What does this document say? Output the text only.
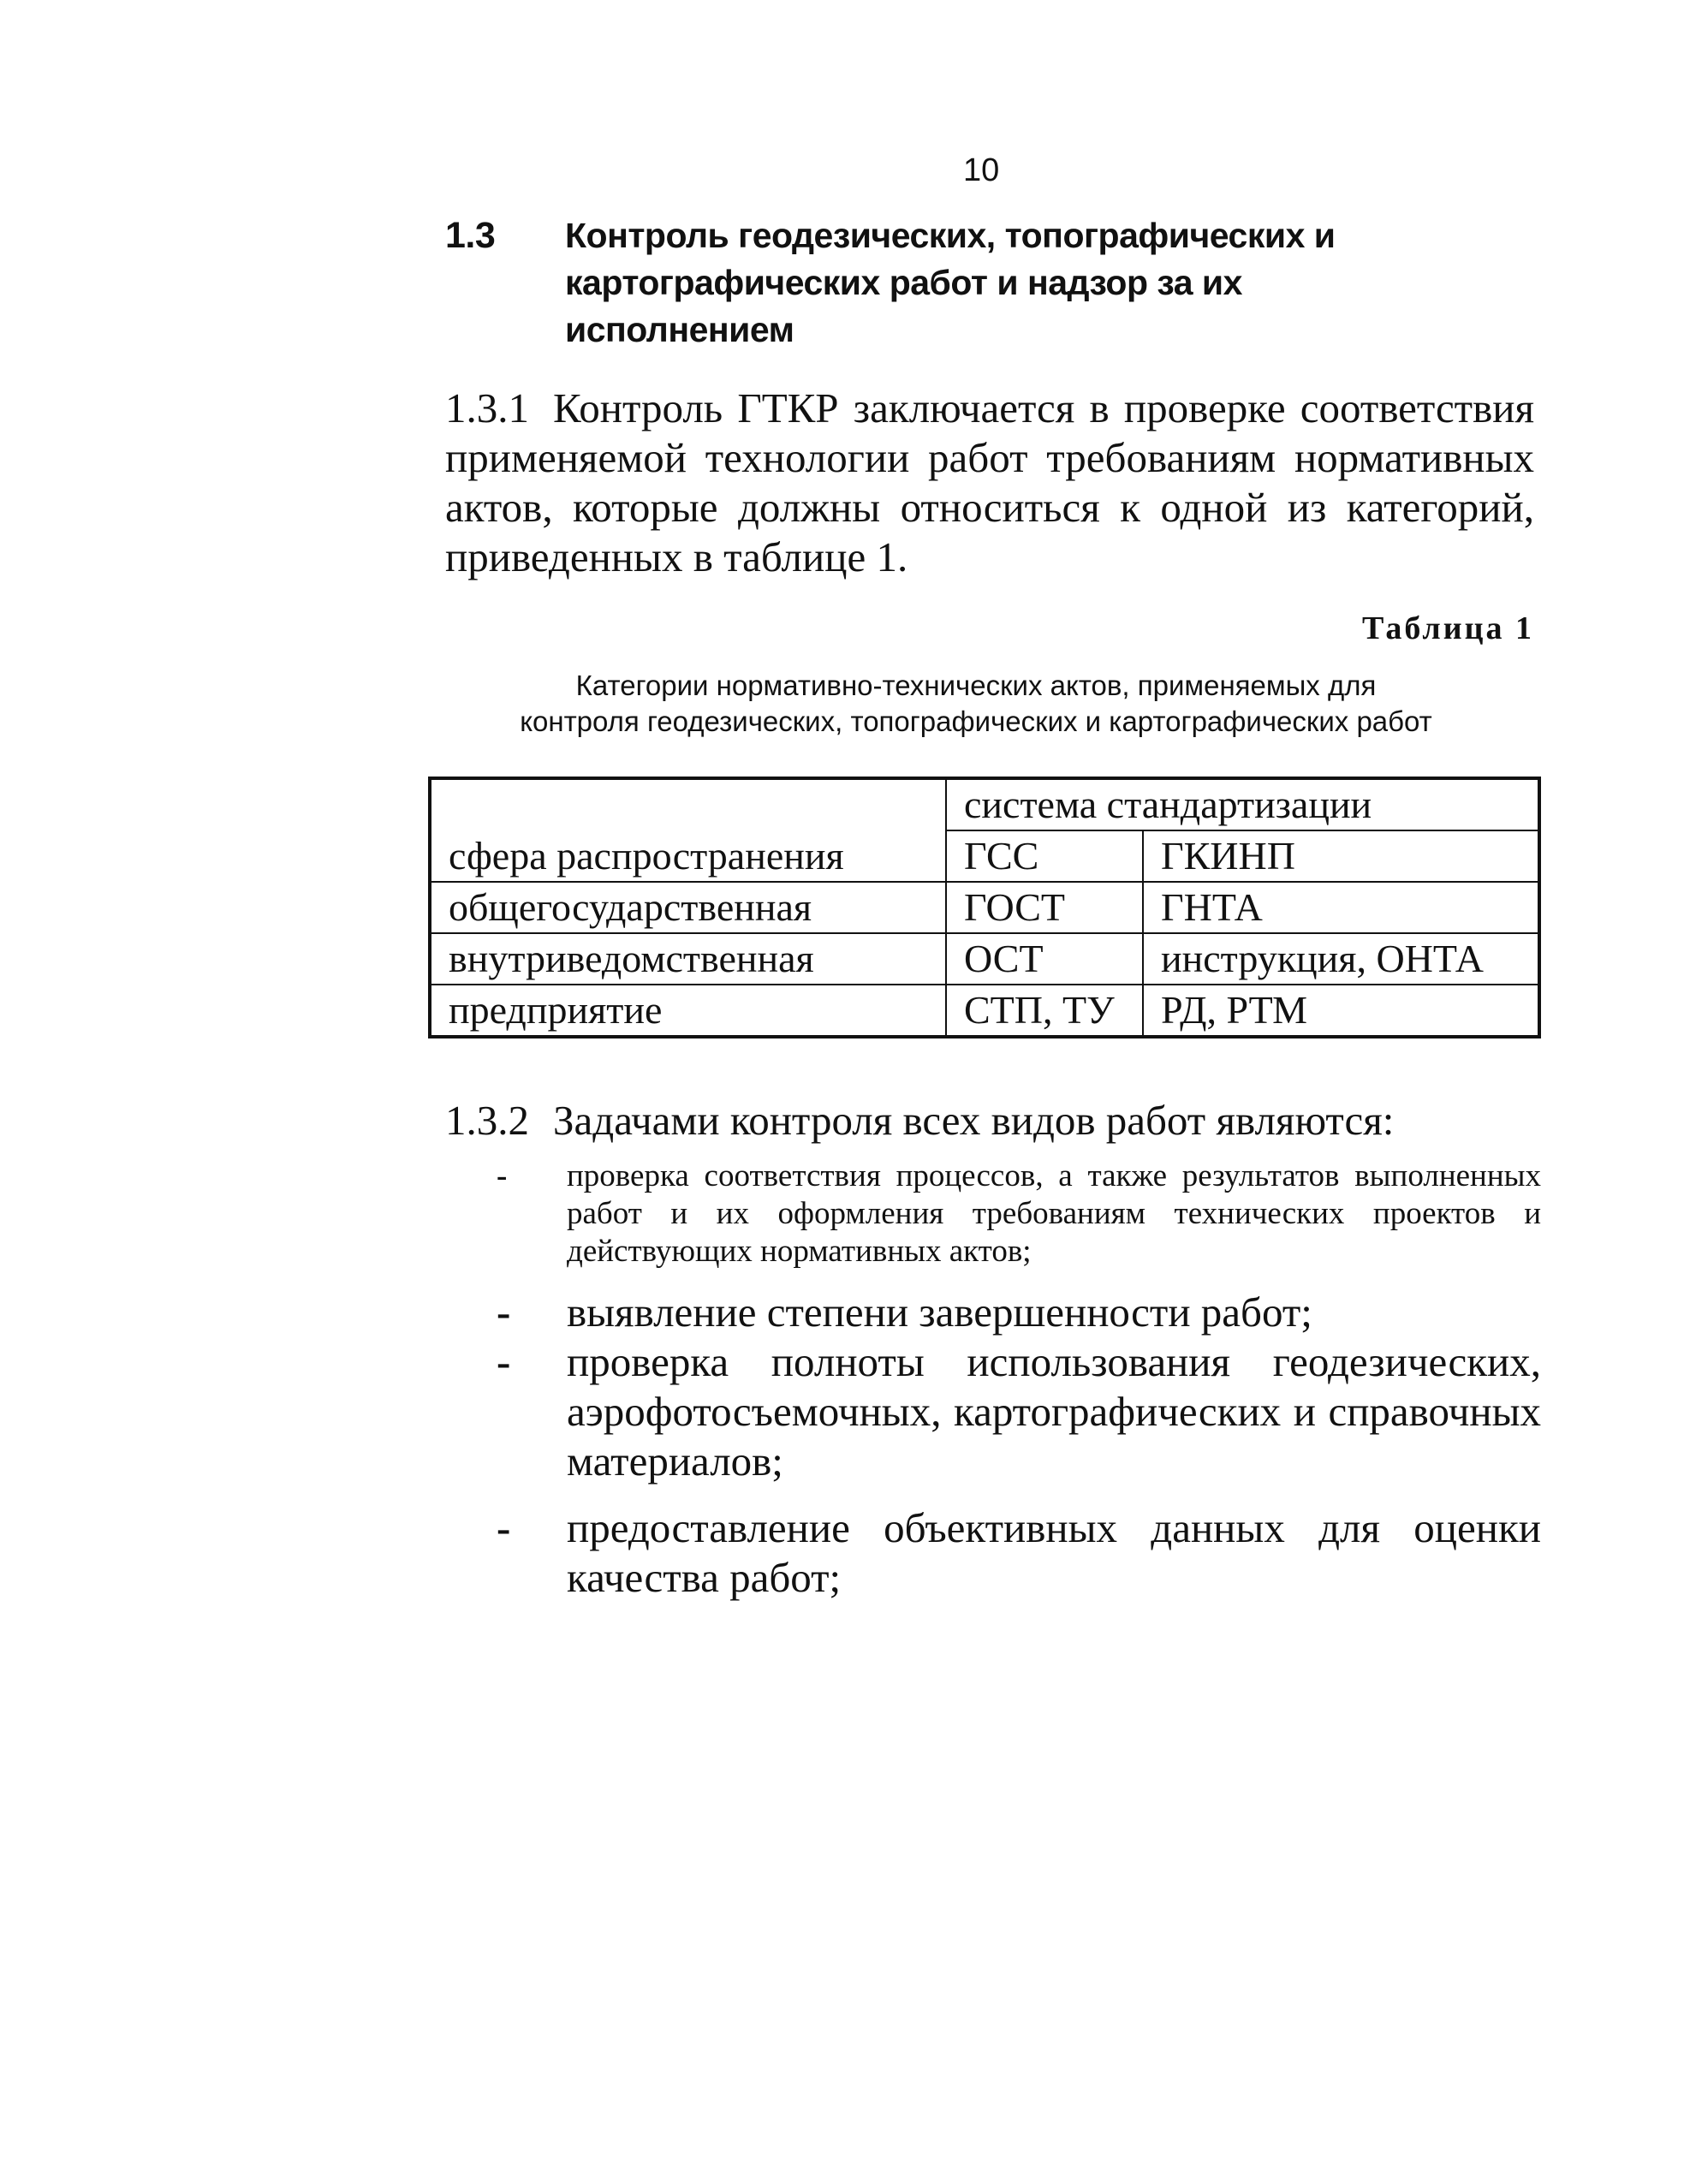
10
1.3 Контроль геодезических, топографических и картографических работ и надзор за их исполнением

1.3.1 Контроль ГТКР заключается в проверке соответствия применяемой технологии работ требованиям нормативных актов, которые должны относиться к одной из категорий, приведенных в таблице 1.

Таблица 1
Категории нормативно-технических актов, применяемых для контроля геодезических, топографических и картографических работ
	система стандартизации	
сфера распространения	ГСС	ГКИНП
общегосударственная	ГОСТ	ГНТА
внутриведомственная	ОСТ	инструкция, ОНТА
предприятие	СТП, ТУ	РД, РТМ
1.3.2 Задачами контроля всех видов работ являются:
- проверка соответствия процессов, а также результатов выполненных работ и их оформления требованиям технических проектов и действующих нормативных актов;
- выявление степени завершенности работ;
- проверка полноты использования геодезических, аэрофотосъемочных, картографических и справочных материалов;
- предоставление объективных данных для оценки качества работ;
